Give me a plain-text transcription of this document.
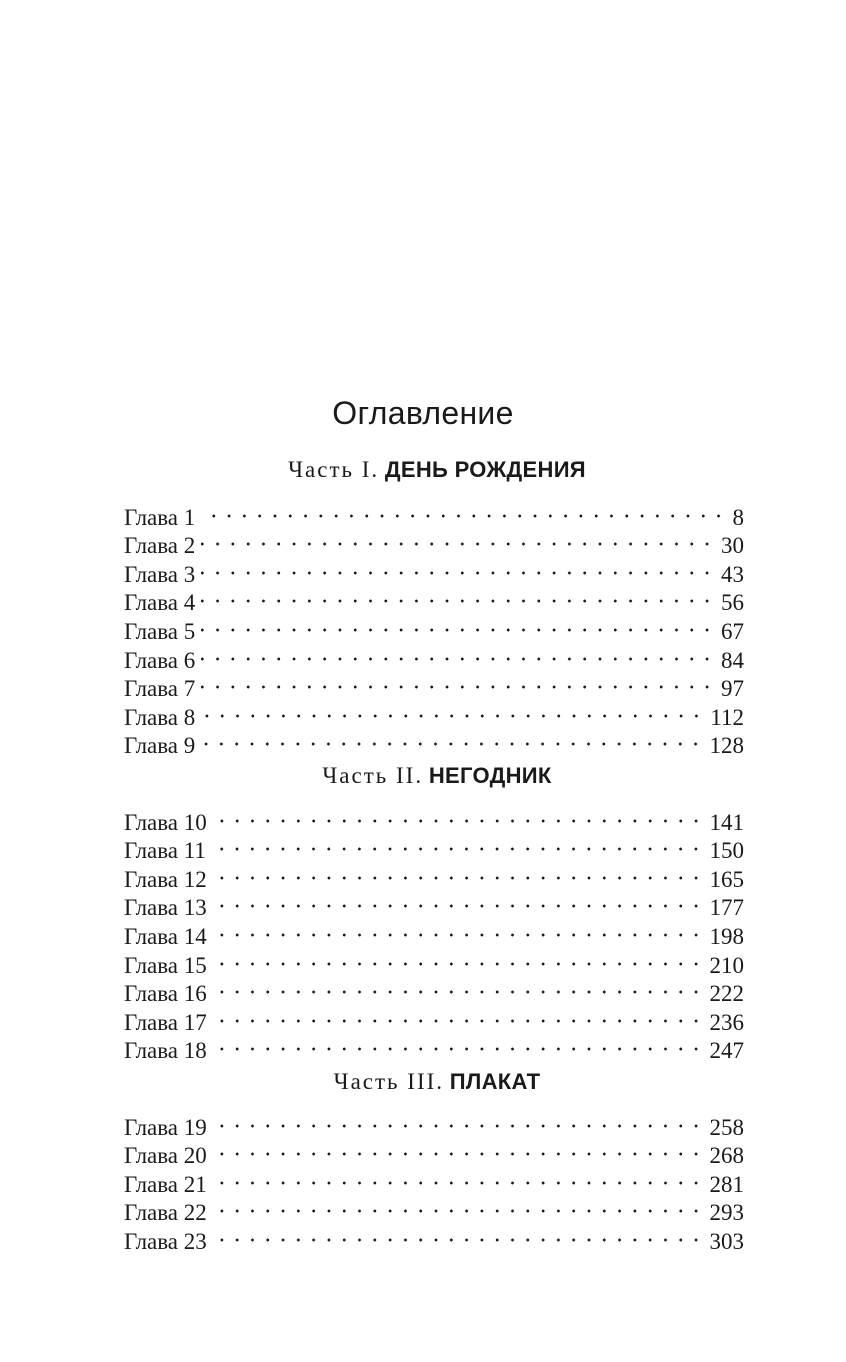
Оглавление
Часть I. ДЕНЬ РОЖДЕНИЯ
Глава 1	8
Глава 2	30
Глава 3	43
Глава 4	56
Глава 5	67
Глава 6	84
Глава 7	97
Глава 8	112
Глава 9	128
Часть II. НЕГОДНИК
Глава 10	141
Глава 11	150
Глава 12	165
Глава 13	177
Глава 14	198
Глава 15	210
Глава 16	222
Глава 17	236
Глава 18	247
Часть III. ПЛАКАТ
Глава 19	258
Глава 20	268
Глава 21	281
Глава 22	293
Глава 23	303
